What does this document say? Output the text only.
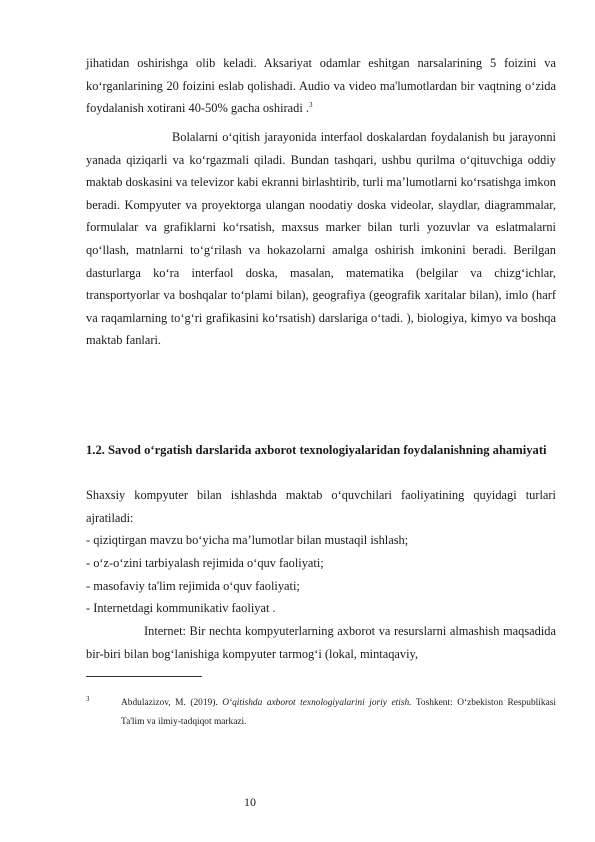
jihatidan oshirishga olib keladi. Aksariyat odamlar eshitgan narsalarining 5 foizini va ko‘rganlarining 20 foizini eslab qolishadi. Audio va video ma'lumotlardan bir vaqtning o‘zida foydalanish xotirani 40-50% gacha oshiradi .$^3$

Bolalarni o‘qitish jarayonida interfaol doskalardan foydalanish bu jarayonni yanada qiziqarli va ko‘rgazmali qiladi. Bundan tashqari, ushbu qurilma o‘qituvchiga oddiy maktab doskasini va televizor kabi ekranni birlashtirib, turli ma’lumotlarni ko‘rsatishga imkon beradi. Kompyuter va proyektorga ulangan noodatiy doska videolar, slaydlar, diagrammalar, formulalar va grafiklarni ko‘rsatish, maxsus marker bilan turli yozuvlar va eslatmalarni qo‘llash, matnlarni to‘g‘rilash va hokazolarni amalga oshirish imkonini beradi. Berilgan dasturlarga ko‘ra interfaol doska, masalan, matematika (belgilar va chizg‘ichlar, transportyorlar va boshqalar to‘plami bilan), geografiya (geografik xaritalar bilan), imlo (harf va raqamlarning to‘g‘ri grafikasini ko‘rsatish) darslariga o‘tadi. ), biologiya, kimyo va boshqa maktab fanlari.

1.2. Savod o‘rgatish darslarida axborot texnologiyalaridan foydalanishning ahamiyati

Shaxsiy kompyuter bilan ishlashda maktab o‘quvchilari faoliyatining quyidagi turlari ajratiladi:

- qiziqtirgan mavzu bo‘yicha ma’lumotlar bilan mustaqil ishlash;

- o‘z-o‘zini tarbiyalash rejimida o‘quv faoliyati;

- masofaviy ta'lim rejimida o‘quv faoliyati;

- Internetdagi kommunikativ faoliyat .

Internet: Bir nechta kompyuterlarning axborot va resurslarni almashish maqsadida bir-biri bilan bog‘lanishiga kompyuter tarmog‘i (lokal, mintaqaviy,

3	Abdulazizov, M. (2019). O‘qitishda axborot texnologiyalarini joriy etish. Toshkent: O‘zbekiston Respublikasi Ta'lim va ilmiy-tadqiqot markazi.

10
